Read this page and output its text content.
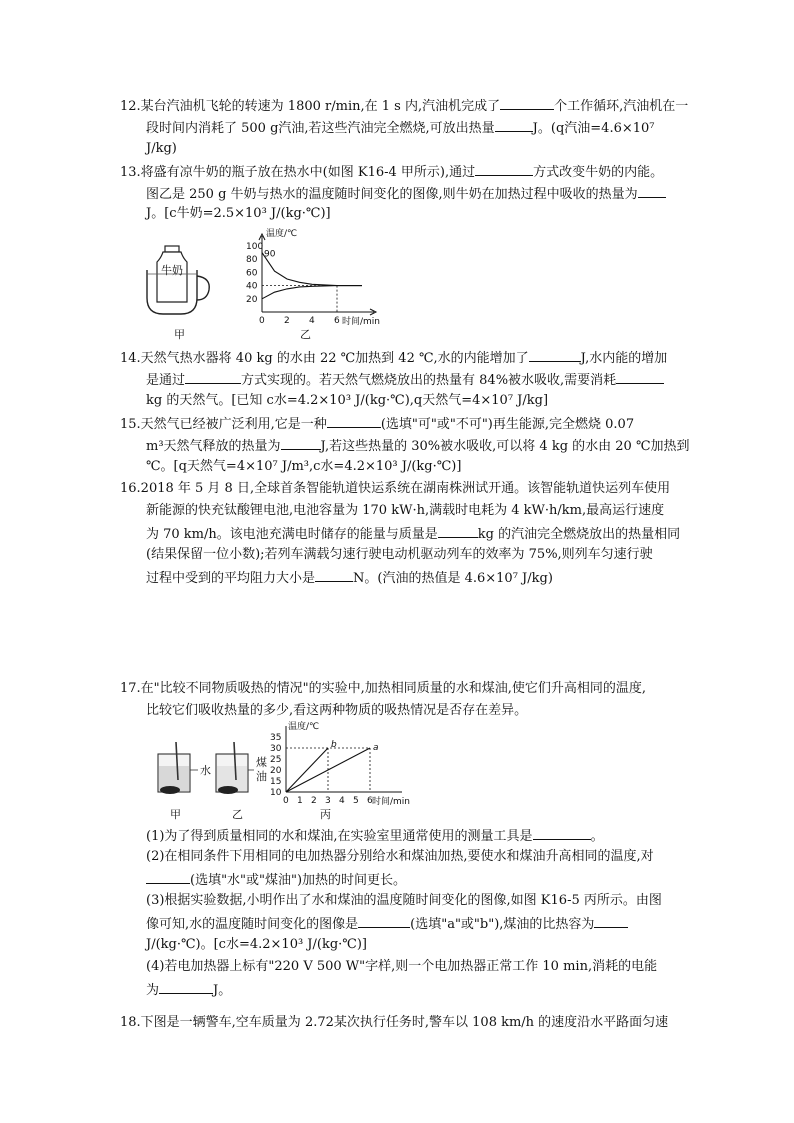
12.某台汽油机飞轮的转速为 1800 r/min,在 1 s 内,汽油机完成了	个工作循环,汽油机在一
段时间内消耗了 500 g汽油,若这些汽油完全燃烧,可放出热量	J。(q汽油=4.6×10⁷
J/kg)
13.将盛有凉牛奶的瓶子放在热水中(如图 K16-4 甲所示),通过	方式改变牛奶的内能。
图乙是 250 g 牛奶与热水的温度随时间变化的图像,则牛奶在加热过程中吸收的热量为
J。[c牛奶=2.5×10³ J/(kg·℃)]
牛奶
甲
温度/℃
时间/min
100
80
60
40
20
90
0 2 4 6
乙
14.天然气热水器将 40 kg 的水由 22 ℃加热到 42 ℃,水的内能增加了	J,水内能的增加
是通过	方式实现的。若天然气燃烧放出的热量有 84%被水吸收,需要消耗
kg 的天然气。[已知 c水=4.2×10³ J/(kg·℃),q天然气=4×10⁷ J/kg]
15.天然气已经被广泛利用,它是一种	(选填"可"或"不可")再生能源,完全燃烧 0.07
m³天然气释放的热量为	J,若这些热量的 30%被水吸收,可以将 4 kg 的水由 20 ℃加热到
℃。[q天然气=4×10⁷ J/m³,c水=4.2×10³ J/(kg·℃)]
16.2018 年 5 月 8 日,全球首条智能轨道快运系统在湖南株洲试开通。该智能轨道快运列车使用
新能源的快充钛酸锂电池,电池容量为 170 kW·h,满载时电耗为 4 kW·h/km,最高运行速度
为 70 km/h。该电池充满电时储存的能量与质量是	kg 的汽油完全燃烧放出的热量相同
(结果保留一位小数);若列车满载匀速行驶电动机驱动列车的效率为 75%,则列车匀速行驶
过程中受到的平均阻力大小是	N。(汽油的热值是 4.6×10⁷ J/kg)
17.在"比较不同物质吸热的情况"的实验中,加热相同质量的水和煤油,使它们升高相同的温度,
比较它们吸收热量的多少,看这两种物质的吸热情况是否存在差异。
水
煤
油
甲	乙
温度/℃
时间/min
35
30
25
20
15
10
0 1 2 3 4 5 6
a
b
丙
(1)为了得到质量相同的水和煤油,在实验室里通常使用的测量工具是	。
(2)在相同条件下用相同的电加热器分别给水和煤油加热,要使水和煤油升高相同的温度,对
(选填"水"或"煤油")加热的时间更长。
(3)根据实验数据,小明作出了水和煤油的温度随时间变化的图像,如图 K16-5 丙所示。由图
像可知,水的温度随时间变化的图像是	(选填"a"或"b"),煤油的比热容为
J/(kg·℃)。[c水=4.2×10³ J/(kg·℃)]
(4)若电加热器上标有"220 V 500 W"字样,则一个电加热器正常工作 10 min,消耗的电能
为	J。
18.下图是一辆警车,空车质量为 2.72某次执行任务时,警车以 108 km/h 的速度沿水平路面匀速
